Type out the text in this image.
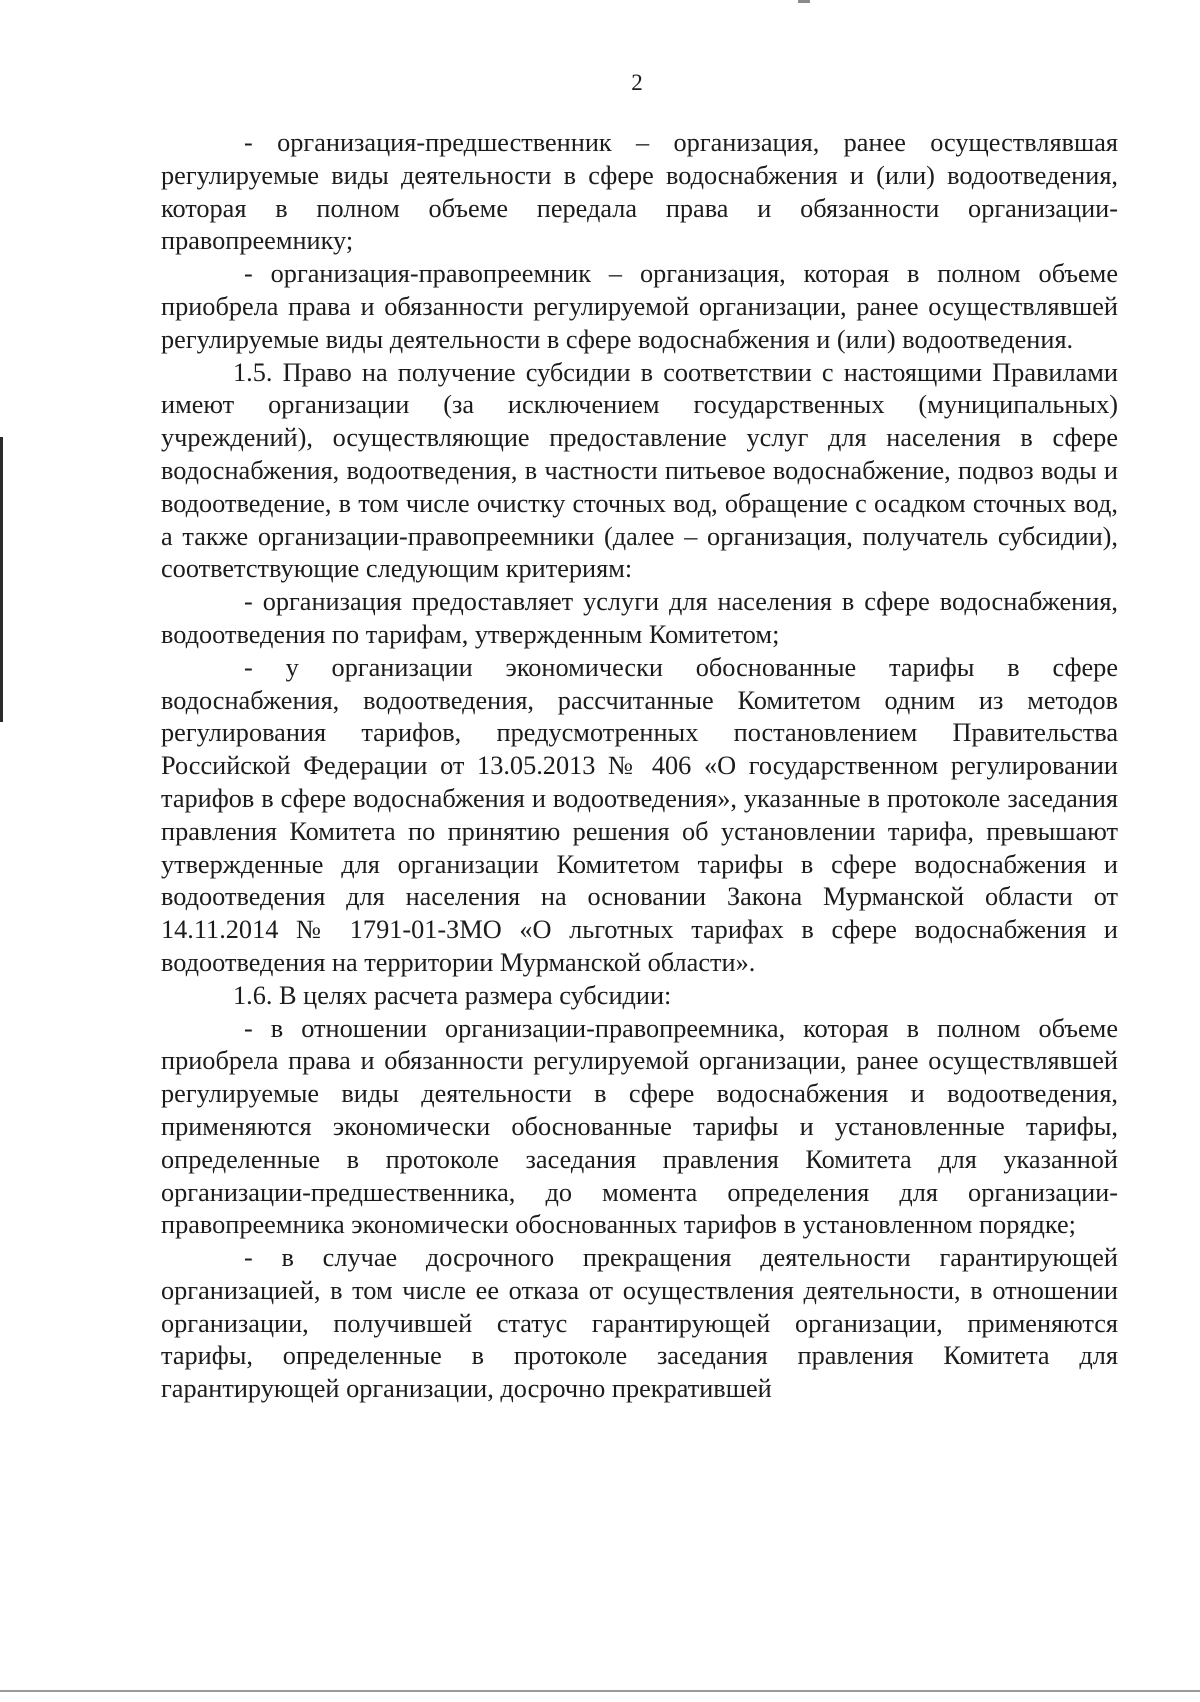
2

- организация-предшественник – организация, ранее осуществлявшая регулируемые виды деятельности в сфере водоснабжения и (или) водоотведения, которая в полном объеме передала права и обязанности организации-правопреемнику;

- организация-правопреемник – организация, которая в полном объеме приобрела права и обязанности регулируемой организации, ранее осуществлявшей регулируемые виды деятельности в сфере водоснабжения и (или) водоотведения.

1.5. Право на получение субсидии в соответствии с настоящими Правилами имеют организации (за исключением государственных (муниципальных) учреждений), осуществляющие предоставление услуг для населения в сфере водоснабжения, водоотведения, в частности питьевое водоснабжение, подвоз воды и водоотведение, в том числе очистку сточных вод, обращение с осадком сточных вод, а также организации-правопреемники (далее – организация, получатель субсидии), соответствующие следующим критериям:

- организация предоставляет услуги для населения в сфере водоснабжения, водоотведения по тарифам, утвержденным Комитетом;

- у организации экономически обоснованные тарифы в сфере водоснабжения, водоотведения, рассчитанные Комитетом одним из методов регулирования тарифов, предусмотренных постановлением Правительства Российской Федерации от 13.05.2013 № 406 «О государственном регулировании тарифов в сфере водоснабжения и водоотведения», указанные в протоколе заседания правления Комитета по принятию решения об установлении тарифа, превышают утвержденные для организации Комитетом тарифы в сфере водоснабжения и водоотведения для населения на основании Закона Мурманской области от 14.11.2014 № 1791-01-ЗМО «О льготных тарифах в сфере водоснабжения и водоотведения на территории Мурманской области».

1.6. В целях расчета размера субсидии:

- в отношении организации-правопреемника, которая в полном объеме приобрела права и обязанности регулируемой организации, ранее осуществлявшей регулируемые виды деятельности в сфере водоснабжения и водоотведения, применяются экономически обоснованные тарифы и установленные тарифы, определенные в протоколе заседания правления Комитета для указанной организации-предшественника, до момента определения для организации-правопреемника экономически обоснованных тарифов в установленном порядке;

- в случае досрочного прекращения деятельности гарантирующей организацией, в том числе ее отказа от осуществления деятельности, в отношении организации, получившей статус гарантирующей организации, применяются тарифы, определенные в протоколе заседания правления Комитета для гарантирующей организации, досрочно прекратившей
